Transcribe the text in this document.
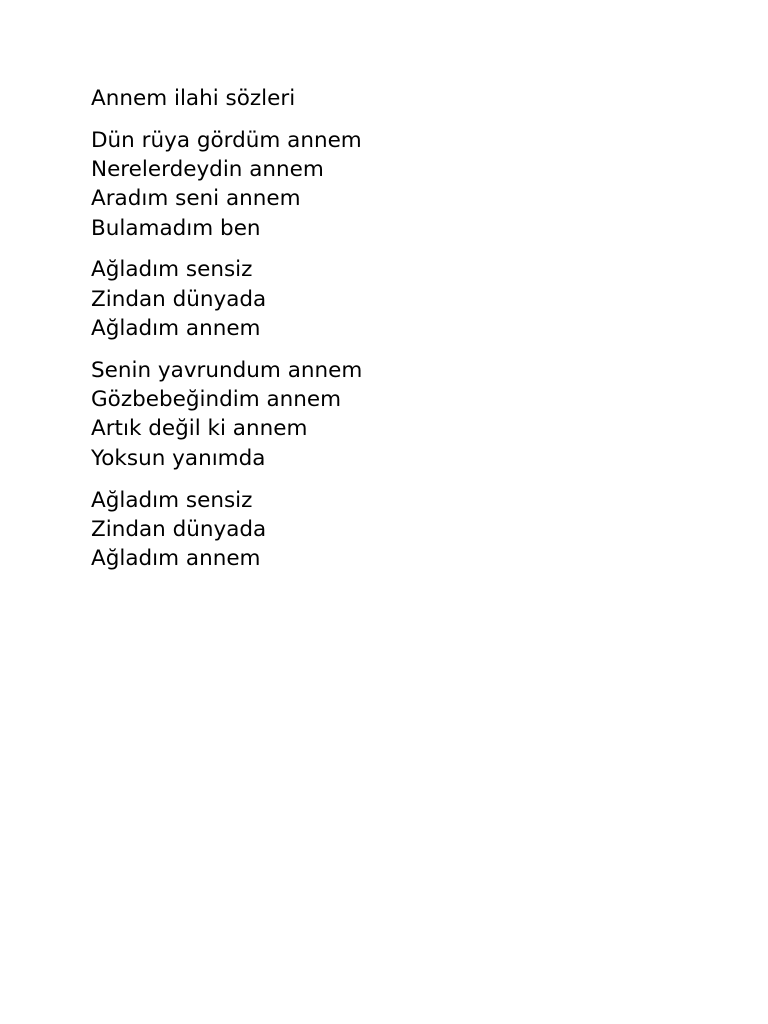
Annem ilahi sözleri

Dün rüya gördüm annem
Nerelerdeydin annem
Aradım seni annem
Bulamadım ben
Ağladım sensiz
Zindan dünyada
Ağladım annem
Senin yavrundum annem
Gözbebeğindim annem
Artık değil ki annem
Yoksun yanımda
Ağladım sensiz
Zindan dünyada
Ağladım annem
